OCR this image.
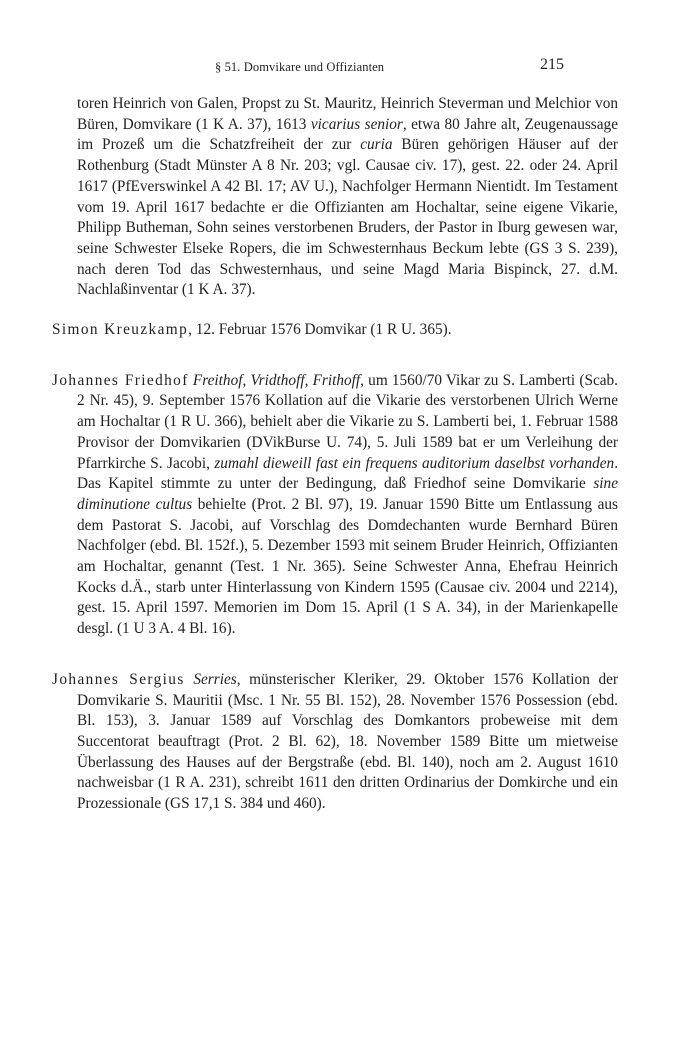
§ 51. Domvikare und Offizianten	215

toren Heinrich von Galen, Propst zu St. Mauritz, Heinrich Steverman und Melchior von Büren, Domvikare (1 K A. 37), 1613 vicarius senior, etwa 80 Jahre alt, Zeugenaussage im Prozeß um die Schatzfreiheit der zur curia Büren gehörigen Häuser auf der Rothenburg (Stadt Münster A 8 Nr. 203; vgl. Causae civ. 17), gest. 22. oder 24. April 1617 (PfEverswinkel A 42 Bl. 17; AV U.), Nachfolger Hermann Nientidt. Im Testament vom 19. April 1617 bedachte er die Offizianten am Hochaltar, seine eigene Vikarie, Philipp Butheman, Sohn seines verstorbenen Bruders, der Pastor in Iburg gewesen war, seine Schwester Elseke Ropers, die im Schwesternhaus Beckum lebte (GS 3 S. 239), nach deren Tod das Schwesternhaus, und seine Magd Maria Bispinck, 27. d.M. Nachlaßinventar (1 K A. 37).

Simon Kreuzkamp, 12. Februar 1576 Domvikar (1 R U. 365).

Johannes Friedhof Freithof, Vridthoff, Frithoff, um 1560/70 Vikar zu S. Lamberti (Scab. 2 Nr. 45), 9. September 1576 Kollation auf die Vikarie des verstorbenen Ulrich Werne am Hochaltar (1 R U. 366), behielt aber die Vikarie zu S. Lamberti bei, 1. Februar 1588 Provisor der Domvikarien (DVikBurse U. 74), 5. Juli 1589 bat er um Verleihung der Pfarrkirche S. Jacobi, zumahl dieweill fast ein frequens auditorium daselbst vorhanden. Das Kapitel stimmte zu unter der Bedingung, daß Friedhof seine Domvikarie sine diminutione cultus behielte (Prot. 2 Bl. 97), 19. Januar 1590 Bitte um Entlassung aus dem Pastorat S. Jacobi, auf Vorschlag des Domdechanten wurde Bernhard Büren Nachfolger (ebd. Bl. 152f.), 5. Dezember 1593 mit seinem Bruder Heinrich, Offizianten am Hochaltar, genannt (Test. 1 Nr. 365). Seine Schwester Anna, Ehefrau Heinrich Kocks d.Ä., starb unter Hinterlassung von Kindern 1595 (Causae civ. 2004 und 2214), gest. 15. April 1597. Memorien im Dom 15. April (1 S A. 34), in der Marienkapelle desgl. (1 U 3 A. 4 Bl. 16).

Johannes Sergius Serries, münsterischer Kleriker, 29. Oktober 1576 Kollation der Domvikarie S. Mauritii (Msc. 1 Nr. 55 Bl. 152), 28. November 1576 Possession (ebd. Bl. 153), 3. Januar 1589 auf Vorschlag des Domkantors probeweise mit dem Succentorat beauftragt (Prot. 2 Bl. 62), 18. November 1589 Bitte um mietweise Überlassung des Hauses auf der Bergstraße (ebd. Bl. 140), noch am 2. August 1610 nachweisbar (1 R A. 231), schreibt 1611 den dritten Ordinarius der Domkirche und ein Prozessionale (GS 17,1 S. 384 und 460).
